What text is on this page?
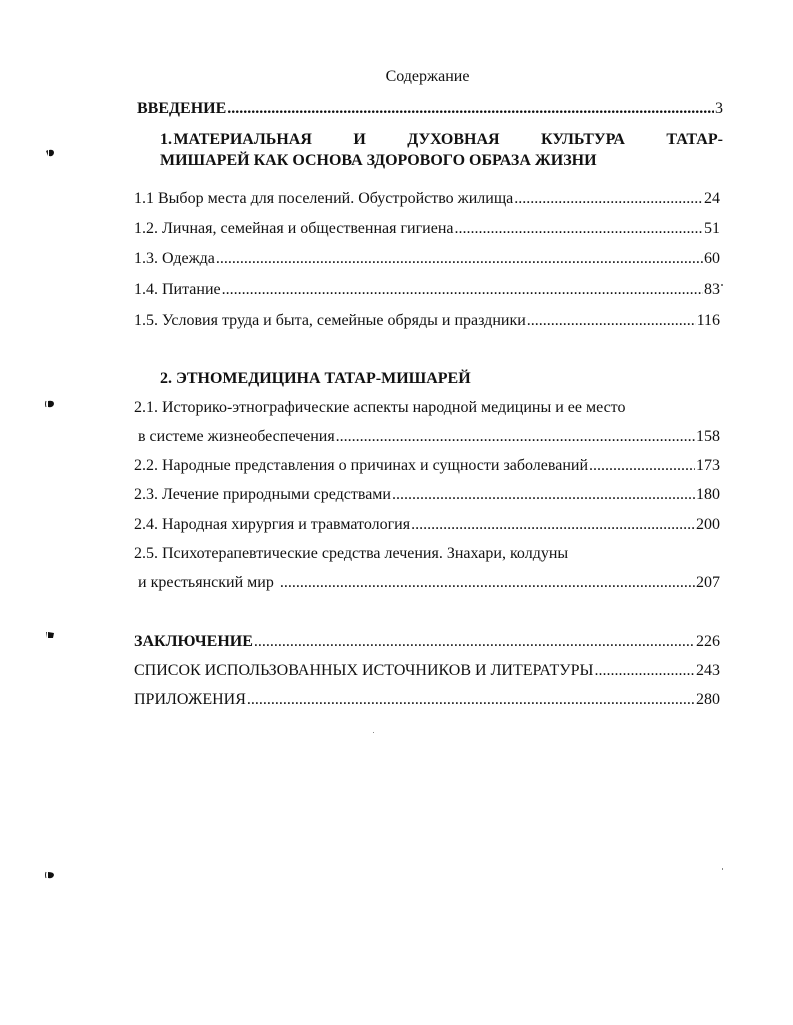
Содержание
ВВЕДЕНИЕ .....	3
1. МАТЕРИАЛЬНАЯ	И	ДУХОВНАЯ	КУЛЬТУРА	ТАТАР-
МИШАРЕЙ КАК ОСНОВА ЗДОРОВОГО ОБРАЗА ЖИЗНИ
1.1 Выбор места для поселений. Обустройство жилища .....	24
1.2. Личная, семейная и общественная гигиена .....	51
1.3. Одежда .....	60
1.4. Питание .....	83
1.5. Условия труда и быта, семейные обряды и праздники .....	116
2. ЭТНОМЕДИЦИНА ТАТАР-МИШАРЕЙ
2.1. Историко-этнографические аспекты народной медицины и ее место
в системе жизнеобеспечения .....	158
2.2. Народные представления о причинах и сущности заболеваний .....	173
2.3. Лечение природными средствами .....	180
2.4. Народная хирургия и травматология .....	200
2.5. Психотерапевтические средства лечения. Знахари, колдуны
и крестьянский мир .....	207
ЗАКЛЮЧЕНИЕ .....	226
СПИСОК ИСПОЛЬЗОВАННЫХ ИСТОЧНИКОВ И ЛИТЕРАТУРЫ .....	243
ПРИЛОЖЕНИЯ .....	280
